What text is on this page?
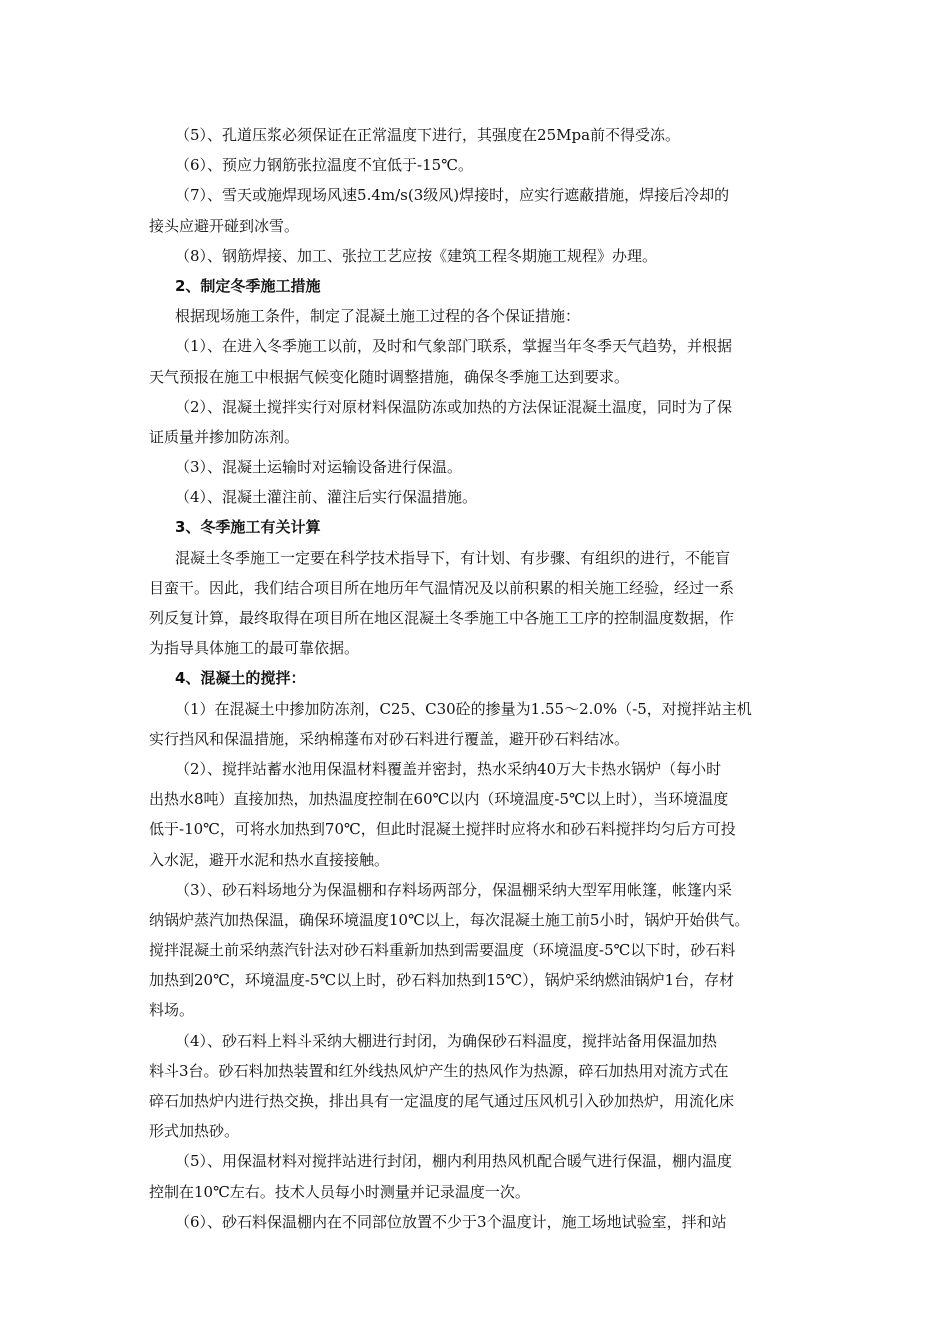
（5）、孔道压浆必须保证在正常温度下进行，其强度在25Mpa前不得受冻。
（6）、预应力钢筋张拉温度不宜低于-15℃。
（7）、雪天或施焊现场风速5.4m/s(3级风)焊接时，应实行遮蔽措施，焊接后冷却的
接头应避开碰到冰雪。
（8）、钢筋焊接、加工、张拉工艺应按《建筑工程冬期施工规程》办理。
2、制定冬季施工措施
根据现场施工条件，制定了混凝土施工过程的各个保证措施：
（1）、在进入冬季施工以前，及时和气象部门联系，掌握当年冬季天气趋势，并根据
天气预报在施工中根据气候变化随时调整措施，确保冬季施工达到要求。
（2）、混凝土搅拌实行对原材料保温防冻或加热的方法保证混凝土温度，同时为了保
证质量并掺加防冻剂。
（3）、混凝土运输时对运输设备进行保温。
（4）、混凝土灌注前、灌注后实行保温措施。
3、冬季施工有关计算
混凝土冬季施工一定要在科学技术指导下，有计划、有步骤、有组织的进行，不能盲
目蛮干。因此，我们结合项目所在地历年气温情况及以前积累的相关施工经验，经过一系
列反复计算，最终取得在项目所在地区混凝土冬季施工中各施工工序的控制温度数据，作
为指导具体施工的最可靠依据。
4、混凝土的搅拌：
（1）在混凝土中掺加防冻剂，C25、C30砼的掺量为1.55～2.0%（-5，对搅拌站主机
实行挡风和保温措施，采纳棉蓬布对砂石料进行覆盖，避开砂石料结冰。
（2）、搅拌站蓄水池用保温材料覆盖并密封，热水采纳40万大卡热水锅炉（每小时
出热水8吨）直接加热，加热温度控制在60℃以内（环境温度-5℃以上时），当环境温度
低于-10℃，可将水加热到70℃，但此时混凝土搅拌时应将水和砂石料搅拌均匀后方可投
入水泥，避开水泥和热水直接接触。
（3）、砂石料场地分为保温棚和存料场两部分，保温棚采纳大型军用帐篷，帐篷内采
纳锅炉蒸汽加热保温，确保环境温度10℃以上，每次混凝土施工前5小时，锅炉开始供气。
搅拌混凝土前采纳蒸汽针法对砂石料重新加热到需要温度（环境温度-5℃以下时，砂石料
加热到20℃，环境温度-5℃以上时，砂石料加热到15℃），锅炉采纳燃油锅炉1台，存材
料场。
（4）、砂石料上料斗采纳大棚进行封闭，为确保砂石料温度，搅拌站备用保温加热
料斗3台。砂石料加热装置和红外线热风炉产生的热风作为热源，碎石加热用对流方式在
碎石加热炉内进行热交换，排出具有一定温度的尾气通过压风机引入砂加热炉，用流化床
形式加热砂。
（5）、用保温材料对搅拌站进行封闭，棚内利用热风机配合暖气进行保温，棚内温度
控制在10℃左右。技术人员每小时测量并记录温度一次。
（6）、砂石料保温棚内在不同部位放置不少于3个温度计，施工场地试验室，拌和站
